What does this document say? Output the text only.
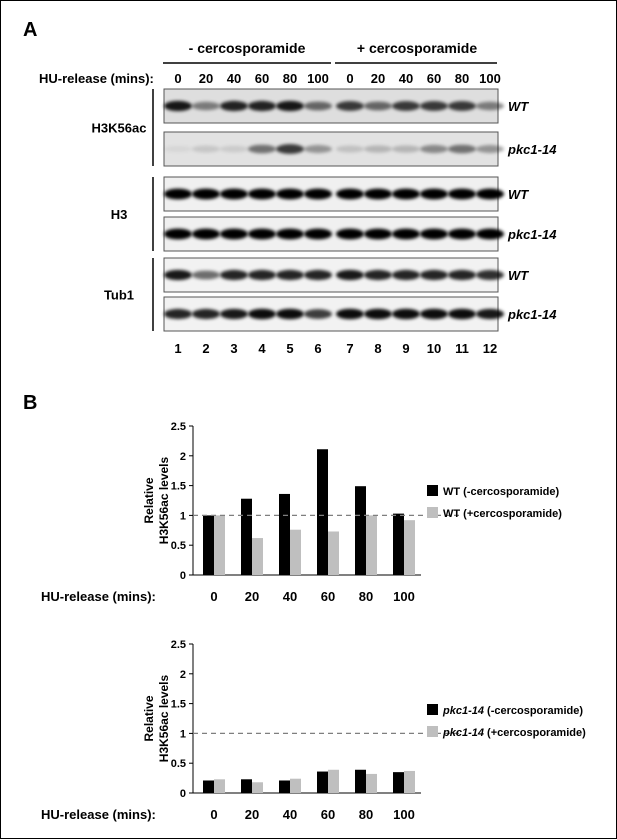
A
- cercosporamide	+ cercosporamide
HU-release (mins): 0 20 40 60 80 100 0 20 40 60 80 100
H3K56ac
WT
pkc1-14
H3
WT
pkc1-14
Tub1
WT
pkc1-14
1 2 3 4 5 6 7 8 9 10 11 12
B
0
0.5
1
1.5
2
2.5
RelativeH3K56ac levels
HU-release (mins):	0 20 40 60 80 100
WT (-cercosporamide)
WT (+cercosporamide)
0
0.5
1
1.5
2
2.5
RelativeH3K56ac levels
HU-release (mins):	0 20 40 60 80 100
pkc1-14 (-cercosporamide)
pkc1-14 (+cercosporamide)
